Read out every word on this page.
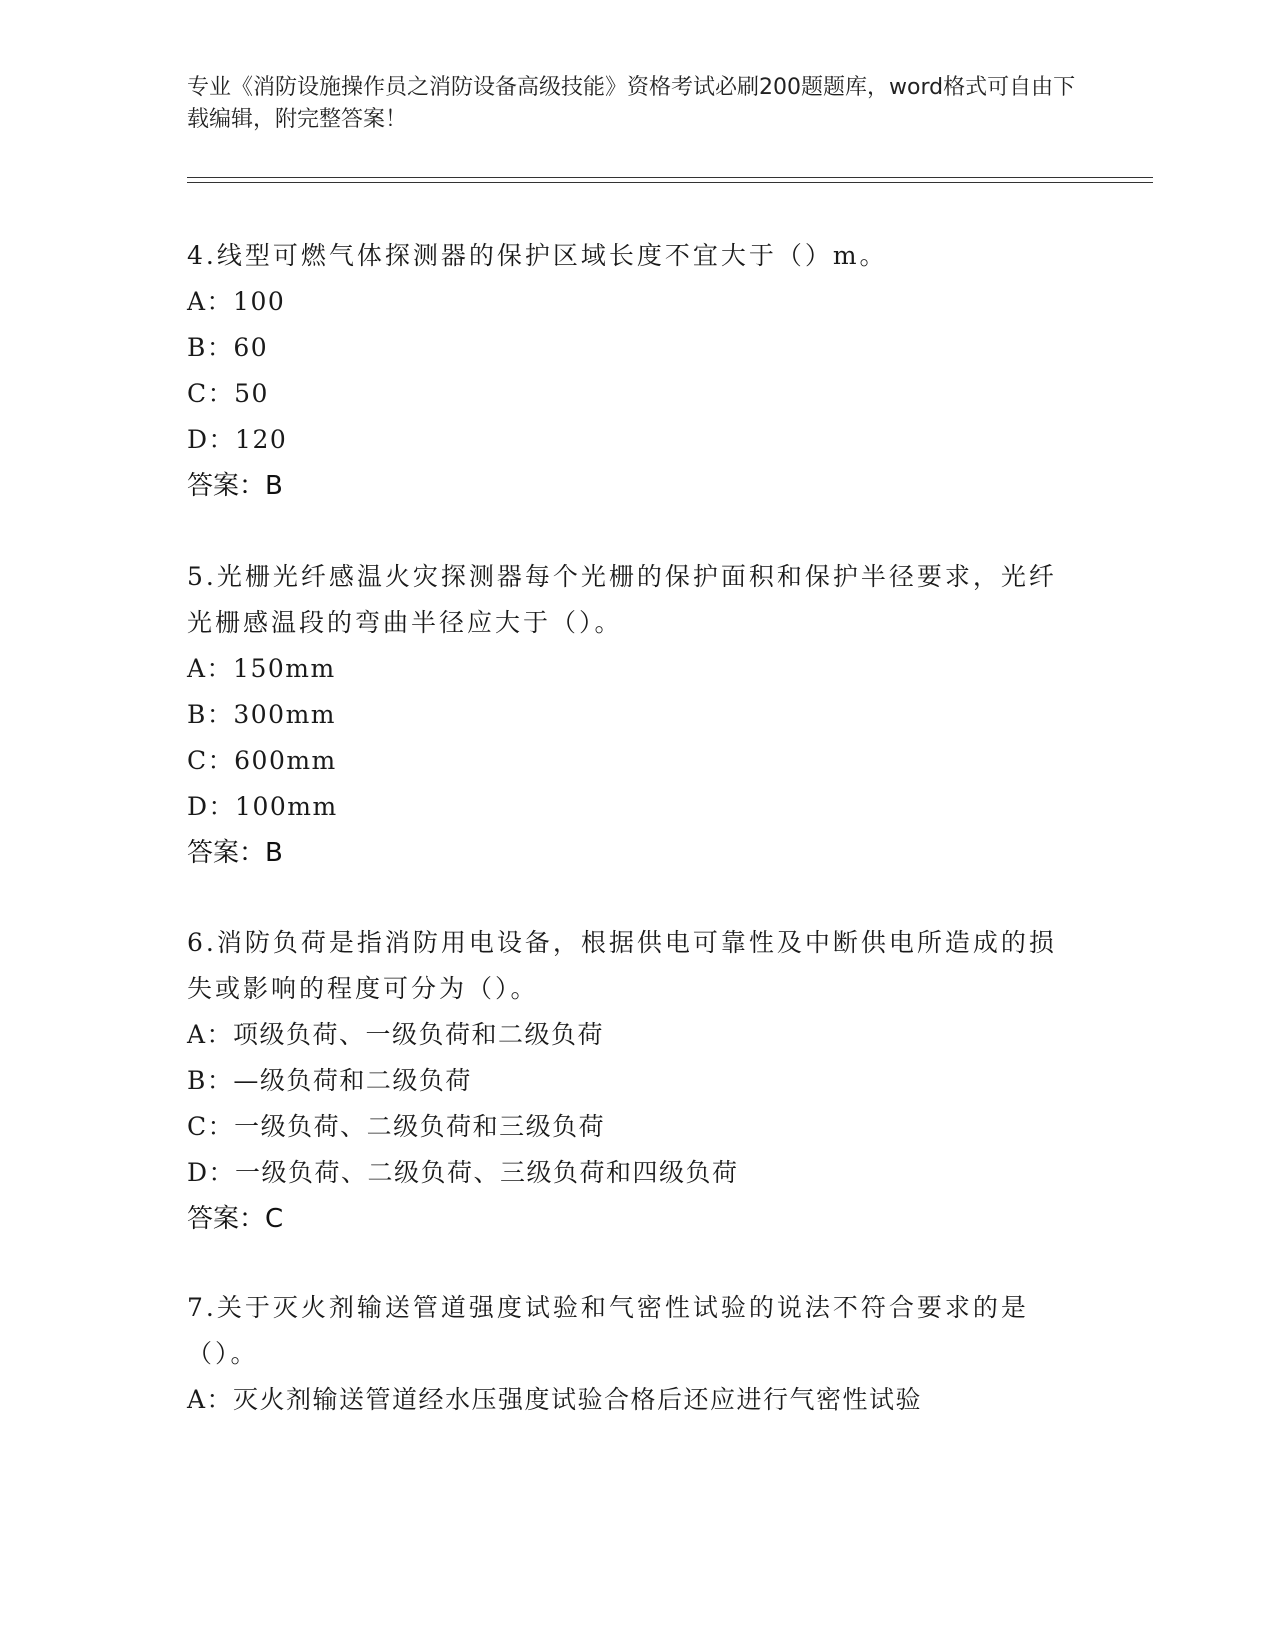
专业《消防设施操作员之消防设备高级技能》资格考试必刷200题题库，word格式可自由下载编辑，附完整答案！

4.线型可燃气体探测器的保护区域长度不宜大于（）m。

A：100

B：60

C：50

D：120

答案：B

5.光栅光纤感温火灾探测器每个光栅的保护面积和保护半径要求，光纤光栅感温段的弯曲半径应大于（）。

A：150mm

B：300mm

C：600mm

D：100mm

答案：B

6.消防负荷是指消防用电设备，根据供电可靠性及中断供电所造成的损失或影响的程度可分为（）。

A：项级负荷、一级负荷和二级负荷

B：—级负荷和二级负荷

C：一级负荷、二级负荷和三级负荷

D：一级负荷、二级负荷、三级负荷和四级负荷

答案：C

7.关于灭火剂输送管道强度试验和气密性试验的说法不符合要求的是（）。

A：灭火剂输送管道经水压强度试验合格后还应进行气密性试验
